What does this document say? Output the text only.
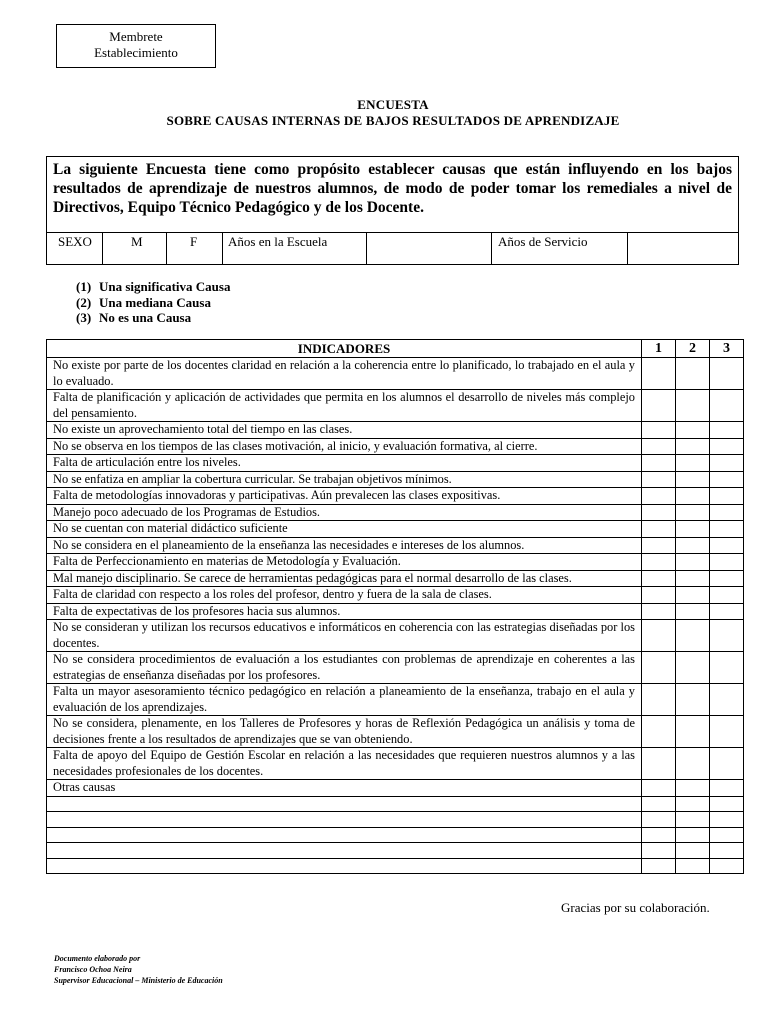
Membrete
Establecimiento
ENCUESTA
SOBRE CAUSAS INTERNAS DE BAJOS RESULTADOS DE APRENDIZAJE
La siguiente Encuesta tiene como propósito establecer causas que están influyendo en los bajos resultados de aprendizaje de nuestros alumnos, de modo de poder tomar los remediales a nivel de Directivos, Equipo Técnico Pedagógico y de los Docente.
SEXO	M	F	Años en la Escuela	Años de Servicio
(1) Una significativa Causa
(2) Una mediana Causa
(3) No es una Causa
INDICADORES	1	2	3
No existe por parte de los docentes claridad en relación a la coherencia entre lo planificado, lo trabajado en el aula y lo evaluado.			
Falta de planificación y aplicación de actividades que permita en los alumnos el desarrollo de niveles más complejo del pensamiento.			
No existe un aprovechamiento total del tiempo en las clases.			
No se observa en los tiempos de las clases motivación, al inicio, y evaluación formativa, al cierre.			
Falta de articulación entre los niveles.			
No se enfatiza en ampliar la cobertura curricular. Se trabajan objetivos mínimos.			
Falta de metodologías innovadoras y participativas. Aún prevalecen las clases expositivas.			
Manejo poco adecuado de los Programas de Estudios.			
No se cuentan con material didáctico suficiente			
No se considera en el planeamiento de la enseñanza las necesidades e intereses de los alumnos.			
Falta de Perfeccionamiento en materias de Metodología y Evaluación.			
Mal manejo disciplinario. Se carece de herramientas pedagógicas para el normal desarrollo de las clases.			
Falta de claridad con respecto a los roles del profesor, dentro y fuera de la sala de clases.			
Falta de expectativas de los profesores hacia sus alumnos.			
No se consideran y utilizan los recursos educativos e informáticos en coherencia con las estrategias diseñadas por los docentes.			
No se considera procedimientos de evaluación a los estudiantes con problemas de aprendizaje en coherentes a las estrategias de enseñanza diseñadas por los profesores.			
Falta un mayor asesoramiento técnico pedagógico en relación a planeamiento de la enseñanza, trabajo en el aula y evaluación de los aprendizajes.			
No se considera, plenamente, en los Talleres de Profesores y horas de Reflexión Pedagógica un análisis y toma de decisiones frente a los resultados de aprendizajes que se van obteniendo.			
Falta de apoyo del Equipo de Gestión Escolar en relación a las necesidades que requieren nuestros alumnos y a las necesidades profesionales de los docentes.			
Otras causas			

Gracias por su colaboración.
Documento elaborado por
Francisco Ochoa Neira
Supervisor Educacional – Ministerio de Educación
